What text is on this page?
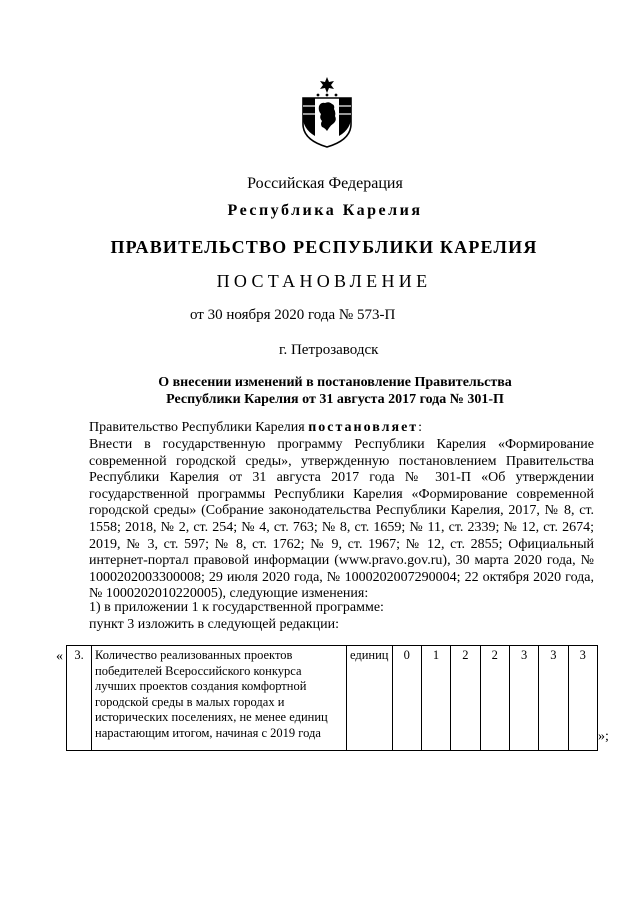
Российская Федерация
Республика Карелия
ПРАВИТЕЛЬСТВО РЕСПУБЛИКИ КАРЕЛИЯ
ПОСТАНОВЛЕНИЕ
от 30 ноября 2020 года № 573-П
г. Петрозаводск
О внесении изменений в постановление Правительства
Республики Карелия от 31 августа 2017 года № 301-П

Правительство Республики Карелия постановляет:

Внести в государственную программу Республики Карелия «Формирование современной городской среды», утвержденную постановлением Правительства Республики Карелия от 31 августа 2017 года № 301-П «Об утверждении государственной программы Республики Карелия «Формирование современной городской среды» (Собрание законодательства Республики Карелия, 2017, № 8, ст. 1558; 2018, № 2, ст. 254; № 4, ст. 763; № 8, ст. 1659; № 11, ст. 2339; № 12, ст. 2674; 2019, № 3, ст. 597; № 8, ст. 1762; № 9, ст. 1967; № 12, ст. 2855; Официальный интернет-портал правовой информации (www.pravo.gov.ru), 30 марта 2020 года, № 1000202003300008; 29 июля 2020 года, № 1000202007290004; 22 октября 2020 года, № 1000202010220005), следующие изменения:
1) в приложении 1 к государственной программе:
пункт 3 изложить в следующей редакции:
« 3.	Количество реализованных проектов победителей Всероссийского конкурса лучших проектов создания комфортной городской среды в малых городах и исторических поселениях, не менее единиц нарастающим итогом, начиная с 2019 года	единиц	0	1	2	2	3	3	3
»;
